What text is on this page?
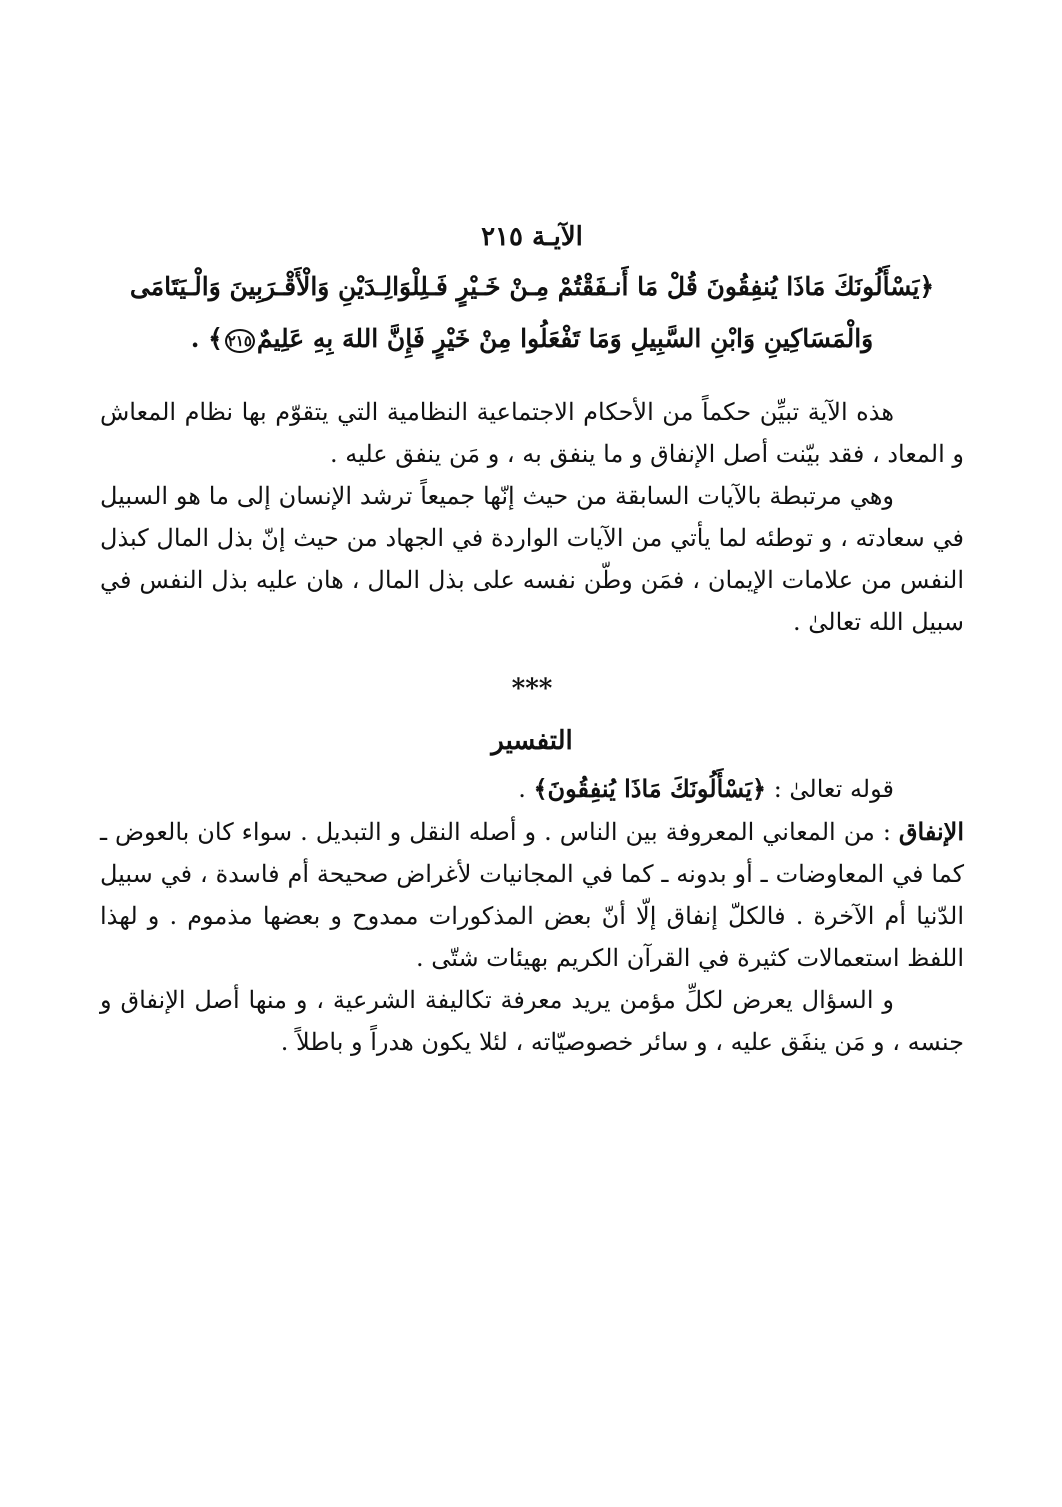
الآيـة ٢١٥

﴿يَسْأَلُونَكَ مَاذَا يُنفِقُونَ قُلْ مَا أَنـفَقْتُمْ مِـنْ خَـيْرٍ فَـلِلْوَالِـدَيْنِ وَالْأَقْـرَبِينَ وَالْـيَتَامَى وَالْمَسَاكِينِ وَابْنِ السَّبِيلِ وَمَا تَفْعَلُوا مِنْ خَيْرٍ فَإِنَّ اللهَ بِهِ عَلِيمٌ٢١٥﴾ .

هذه الآية تبيِّن حكماً من الأحكام الاجتماعية النظامية التي يتقوّم بها نظام المعاش و المعاد ، فقد بيّنت أصل الإنفاق و ما ينفق به ، و مَن ينفق عليه .

وهي مرتبطة بالآيات السابقة من حيث إنّها جميعاً ترشد الإنسان إلى ما هو السبيل في سعادته ، و توطئه لما يأتي من الآيات الواردة في الجهاد من حيث إنّ بذل المال كبذل النفس من علامات الإيمان ، فمَن وطّن نفسه على بذل المال ، هان عليه بذل النفس في سبيل الله تعالىٰ .

***

التفسير

قوله تعالىٰ : ﴿يَسْأَلُونَكَ مَاذَا يُنفِقُونَ﴾ .

الإنفاق : من المعاني المعروفة بين الناس . و أصله النقل و التبديل . سواء كان بالعوض ـ كما في المعاوضات ـ أو بدونه ـ كما في المجانيات لأغراض صحيحة أم فاسدة ، في سبيل الدّنيا أم الآخرة . فالكلّ إنفاق إلّا أنّ بعض المذكورات ممدوح و بعضها مذموم . و لهذا اللفظ استعمالات كثيرة في القرآن الكريم بهيئات شتّى .

و السؤال يعرض لكلِّ مؤمن يريد معرفة تكاليفة الشرعية ، و منها أصل الإنفاق و جنسه ، و مَن ينفَق عليه ، و سائر خصوصيّاته ، لئلا يكون هدراً و باطلاً .
